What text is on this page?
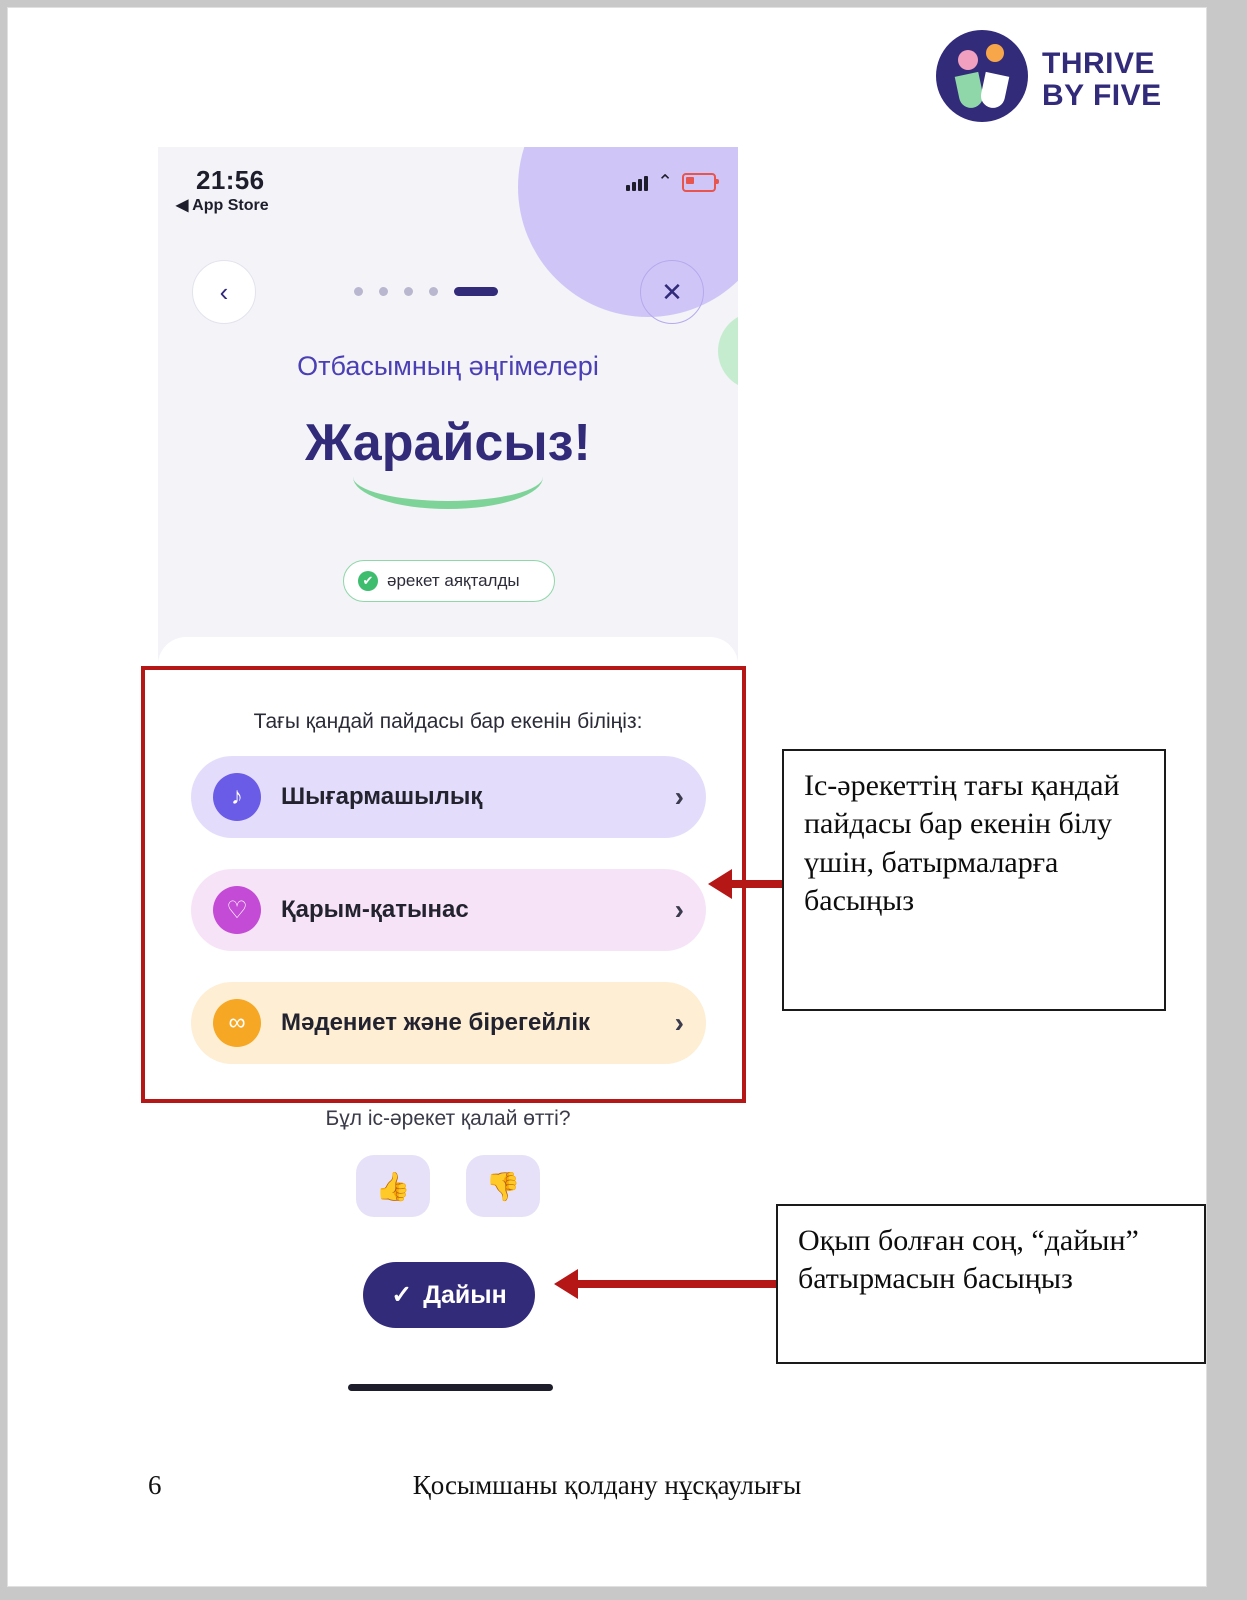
THRIVE
BY FIVE
21:56
◀ App Store
⌃
‹	✕
Отбасымның әңгімелері
Жарайсыз!
✔ әрекет аяқталды
Тағы қандай пайдасы бар екенін біліңіз:
♪	Шығармашылық	›
♡	Қарым-қатынас	›
∞	Мәдениет және бірегейлік	›
Бұл іс-әрекет қалай өтті?
👍	👎
✓ Дайын
Іс-әрекеттің тағы қандай пайдасы бар екенін білу үшін, батырмаларға басыңыз
Оқып болған соң, “дайын” батырмасын басыңыз
6	Қосымшаны қолдану нұсқаулығы
